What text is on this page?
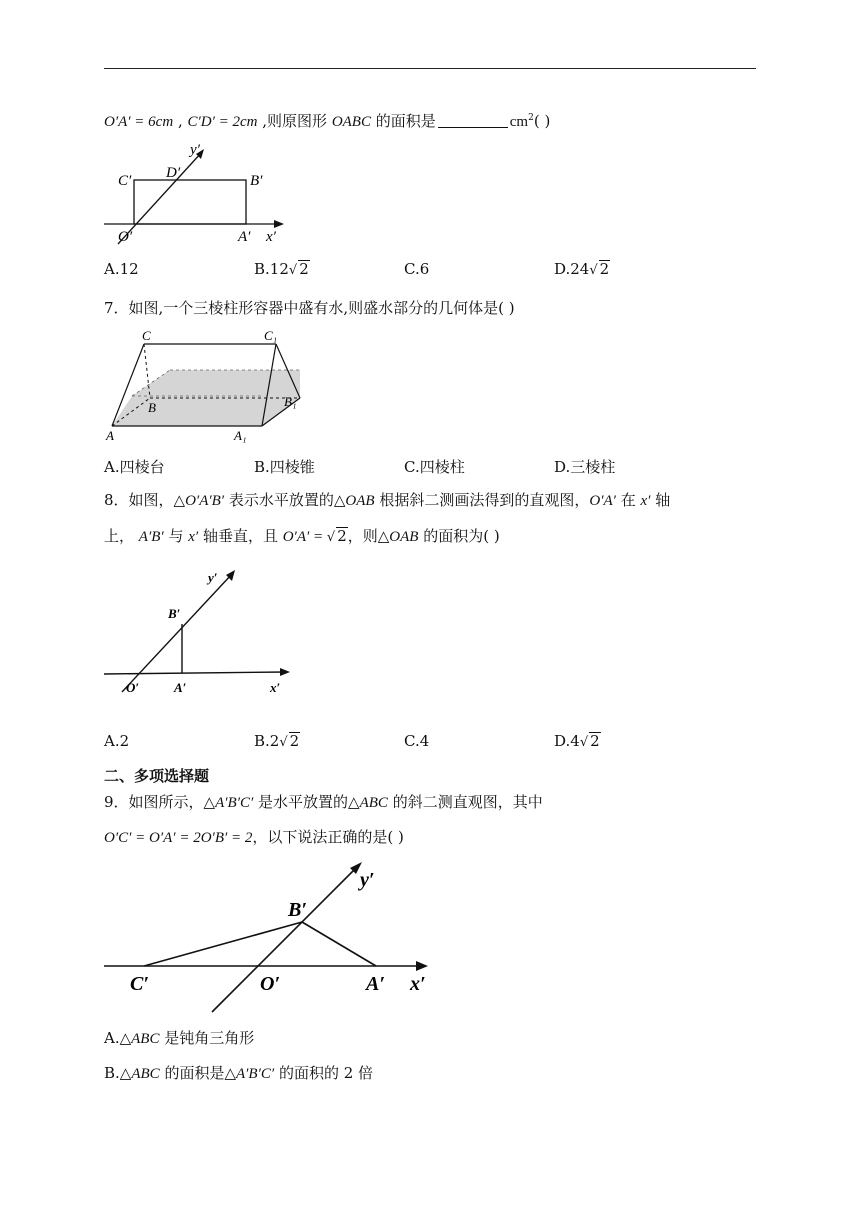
O′A′ = 6cm , C′D′ = 2cm ,则原图形 OABC 的面积是	$cm^2$( )
C′ D′	B′
O′	A′ x′
y′
A.12	B.12√ 2	C.6	D.24√ 2
7．如图,一个三棱柱形容器中盛有水,则盛水部分的几何体是( )
C	C₁
B	B₁
A	A₁
A.四棱台	B.四棱锥	C.四棱柱	D.三棱柱
8．如图，△O′A′B′ 表示水平放置的△OAB 根据斜二测画法得到的直观图，O′A′ 在 x′ 轴
上， A′B′ 与 x′ 轴垂直，且 O′A′ = √ 2，则△OAB 的面积为( )
y′
B′
O′	A′	x′
A.2	B.2√ 2	C.4	D.4√ 2
二、多项选择题
9．如图所示，△A′B′C′ 是水平放置的△ABC 的斜二测直观图，其中
O′C′ = O′A′ = 2O′B′ = 2，以下说法正确的是( )
y′
B′
C′	O′	A′ x′
A.△ABC 是钝角三角形
B.△ABC 的面积是△A′B′C′ 的面积的 2 倍
